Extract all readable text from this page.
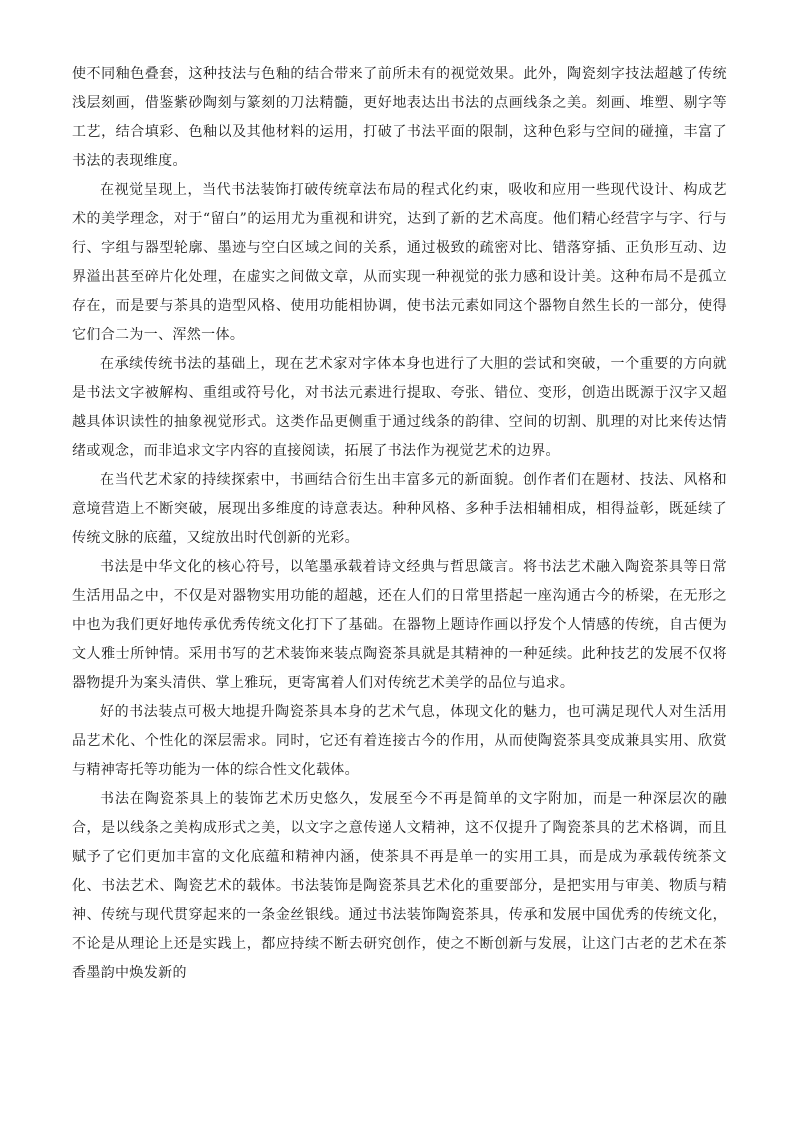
使不同釉色叠套，这种技法与色釉的结合带来了前所未有的视觉效果。此外，陶瓷刻字技法超越了传统浅层刻画，借鉴紫砂陶刻与篆刻的刀法精髓，更好地表达出书法的点画线条之美。刻画、堆塑、剔字等工艺，结合填彩、色釉以及其他材料的运用，打破了书法平面的限制，这种色彩与空间的碰撞，丰富了书法的表现维度。

在视觉呈现上，当代书法装饰打破传统章法布局的程式化约束，吸收和应用一些现代设计、构成艺术的美学理念，对于“留白”的运用尤为重视和讲究，达到了新的艺术高度。他们精心经营字与字、行与行、字组与器型轮廓、墨迹与空白区域之间的关系，通过极致的疏密对比、错落穿插、正负形互动、边界溢出甚至碎片化处理，在虚实之间做文章，从而实现一种视觉的张力感和设计美。这种布局不是孤立存在，而是要与茶具的造型风格、使用功能相协调，使书法元素如同这个器物自然生长的一部分，使得它们合二为一、浑然一体。

在承续传统书法的基础上，现在艺术家对字体本身也进行了大胆的尝试和突破，一个重要的方向就是书法文字被解构、重组或符号化，对书法元素进行提取、夸张、错位、变形，创造出既源于汉字又超越具体识读性的抽象视觉形式。这类作品更侧重于通过线条的韵律、空间的切割、肌理的对比来传达情绪或观念，而非追求文字内容的直接阅读，拓展了书法作为视觉艺术的边界。

在当代艺术家的持续探索中，书画结合衍生出丰富多元的新面貌。创作者们在题材、技法、风格和意境营造上不断突破，展现出多维度的诗意表达。种种风格、多种手法相辅相成，相得益彰，既延续了传统文脉的底蕴，又绽放出时代创新的光彩。

书法是中华文化的核心符号，以笔墨承载着诗文经典与哲思箴言。将书法艺术融入陶瓷茶具等日常生活用品之中，不仅是对器物实用功能的超越，还在人们的日常里搭起一座沟通古今的桥梁，在无形之中也为我们更好地传承优秀传统文化打下了基础。在器物上题诗作画以抒发个人情感的传统，自古便为文人雅士所钟情。采用书写的艺术装饰来装点陶瓷茶具就是其精神的一种延续。此种技艺的发展不仅将器物提升为案头清供、掌上雅玩，更寄寓着人们对传统艺术美学的品位与追求。

好的书法装点可极大地提升陶瓷茶具本身的艺术气息，体现文化的魅力，也可满足现代人对生活用品艺术化、个性化的深层需求。同时，它还有着连接古今的作用，从而使陶瓷茶具变成兼具实用、欣赏与精神寄托等功能为一体的综合性文化载体。

书法在陶瓷茶具上的装饰艺术历史悠久，发展至今不再是简单的文字附加，而是一种深层次的融合，是以线条之美构成形式之美，以文字之意传递人文精神，这不仅提升了陶瓷茶具的艺术格调，而且赋予了它们更加丰富的文化底蕴和精神内涵，使茶具不再是单一的实用工具，而是成为承载传统茶文化、书法艺术、陶瓷艺术的载体。书法装饰是陶瓷茶具艺术化的重要部分，是把实用与审美、物质与精神、传统与现代贯穿起来的一条金丝银线。通过书法装饰陶瓷茶具，传承和发展中国优秀的传统文化，不论是从理论上还是实践上，都应持续不断去研究创作，使之不断创新与发展，让这门古老的艺术在茶香墨韵中焕发新的
